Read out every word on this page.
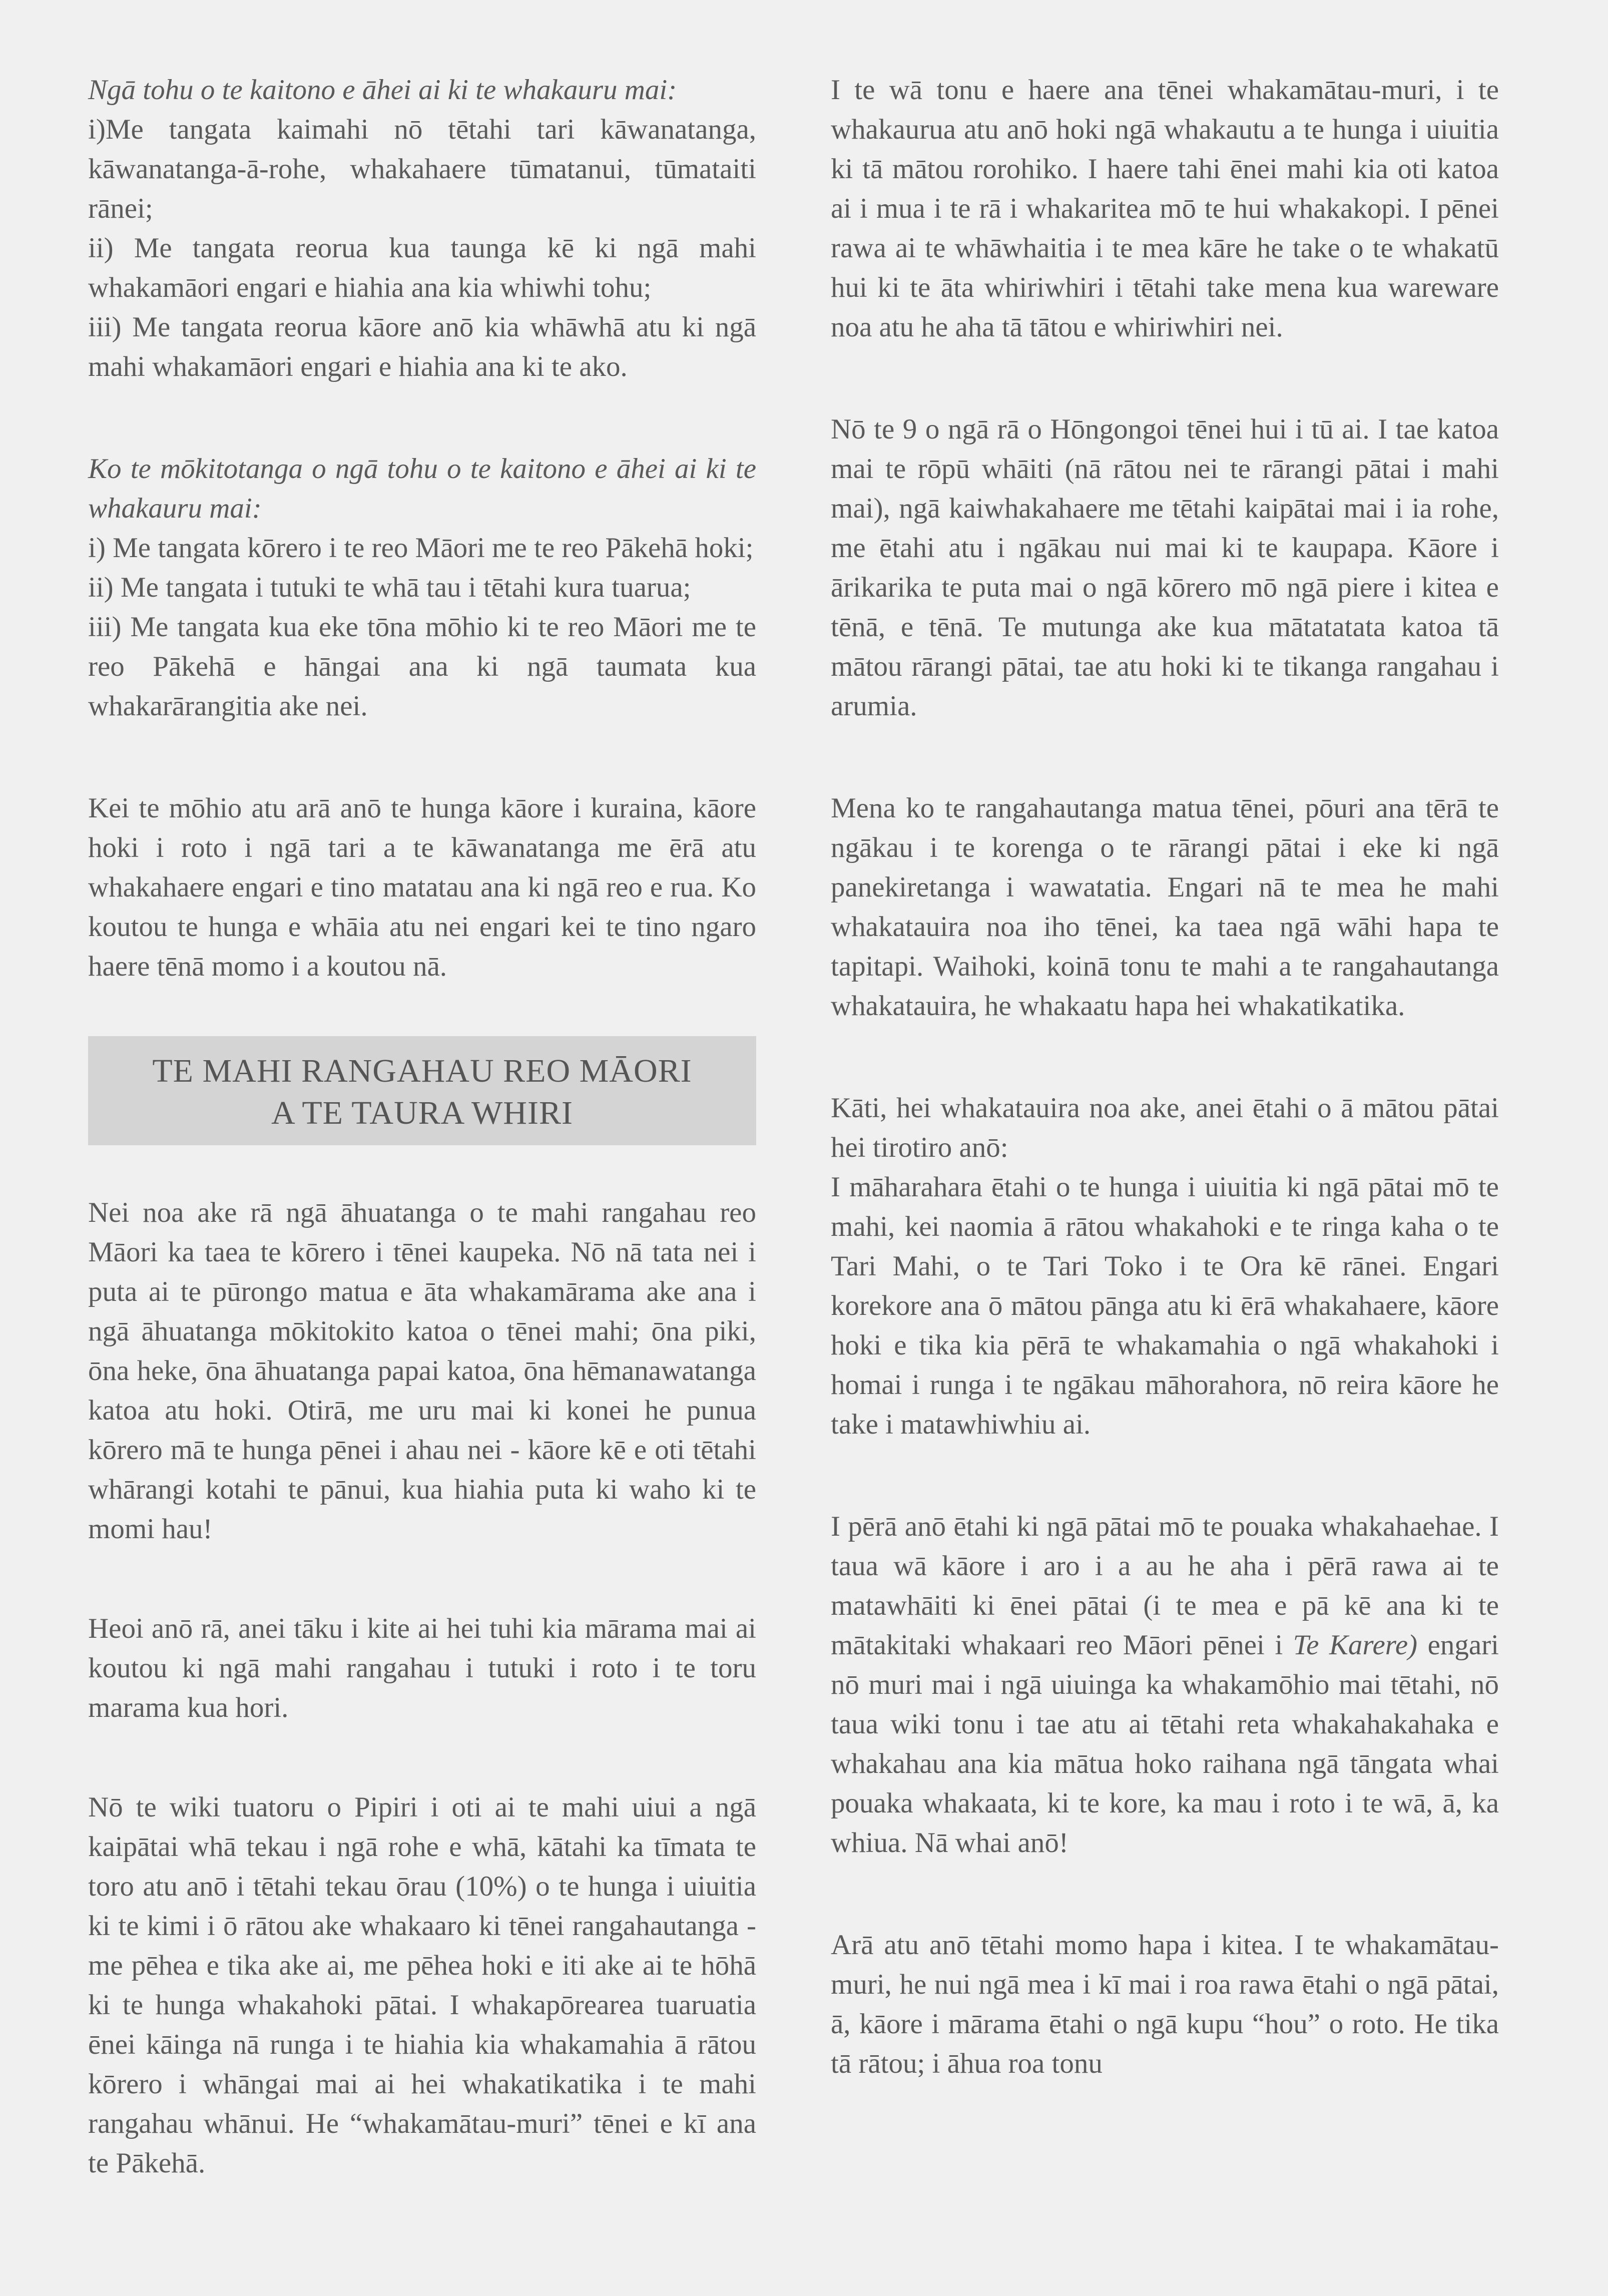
Ngā tohu o te kaitono e āhei ai ki te whakauru mai:

i)Me tangata kaimahi nō tētahi tari kāwanatanga, kāwanatanga-ā-rohe, whakahaere tūmatanui, tūmataiti rānei;

ii) Me tangata reorua kua taunga kē ki ngā mahi whakamāori engari e hiahia ana kia whiwhi tohu;

iii) Me tangata reorua kāore anō kia whāwhā atu ki ngā mahi whakamāori engari e hiahia ana ki te ako.

Ko te mōkitotanga o ngā tohu o te kaitono e āhei ai ki te whakauru mai:

i) Me tangata kōrero i te reo Māori me te reo Pākehā hoki;

ii) Me tangata i tutuki te whā tau i tētahi kura tuarua;

iii) Me tangata kua eke tōna mōhio ki te reo Māori me te reo Pākehā e hāngai ana ki ngā taumata kua whakarārangitia ake nei.

Kei te mōhio atu arā anō te hunga kāore i kuraina, kāore hoki i roto i ngā tari a te kāwanatanga me ērā atu whakahaere engari e tino matatau ana ki ngā reo e rua. Ko koutou te hunga e whāia atu nei engari kei te tino ngaro haere tēnā momo i a koutou nā.

TE MAHI RANGAHAU REO MĀORI
A TE TAURA WHIRI

Nei noa ake rā ngā āhuatanga o te mahi rangahau reo Māori ka taea te kōrero i tēnei kaupeka. Nō nā tata nei i puta ai te pūrongo matua e āta whakamārama ake ana i ngā āhuatanga mōkitokito katoa o tēnei mahi; ōna piki, ōna heke, ōna āhuatanga papai katoa, ōna hēmanawatanga katoa atu hoki. Otirā, me uru mai ki konei he punua kōrero mā te hunga pēnei i ahau nei - kāore kē e oti tētahi whārangi kotahi te pānui, kua hiahia puta ki waho ki te momi hau!

Heoi anō rā, anei tāku i kite ai hei tuhi kia mārama mai ai koutou ki ngā mahi rangahau i tutuki i roto i te toru marama kua hori.

Nō te wiki tuatoru o Pipiri i oti ai te mahi uiui a ngā kaipātai whā tekau i ngā rohe e whā, kātahi ka tīmata te toro atu anō i tētahi tekau ōrau (10%) o te hunga i uiuitia ki te kimi i ō rātou ake whakaaro ki tēnei rangahautanga - me pēhea e tika ake ai, me pēhea hoki e iti ake ai te hōhā ki te hunga whakahoki pātai. I whakapōrearea tuaruatia ēnei kāinga nā runga i te hiahia kia whakamahia ā rātou kōrero i whāngai mai ai hei whakatikatika i te mahi rangahau whānui. He “whakamātau-muri” tēnei e kī ana te Pākehā.

I te wā tonu e haere ana tēnei whakamātau-muri, i te whakaurua atu anō hoki ngā whakautu a te hunga i uiuitia ki tā mātou rorohiko. I haere tahi ēnei mahi kia oti katoa ai i mua i te rā i whakaritea mō te hui whakakopi. I pēnei rawa ai te whāwhaitia i te mea kāre he take o te whakatū hui ki te āta whiriwhiri i tētahi take mena kua wareware noa atu he aha tā tātou e whiriwhiri nei.

Nō te 9 o ngā rā o Hōngongoi tēnei hui i tū ai. I tae katoa mai te rōpū whāiti (nā rātou nei te rārangi pātai i mahi mai), ngā kaiwhakahaere me tētahi kaipātai mai i ia rohe, me ētahi atu i ngākau nui mai ki te kaupapa. Kāore i ārikarika te puta mai o ngā kōrero mō ngā piere i kitea e tēnā, e tēnā. Te mutunga ake kua mātatatata katoa tā mātou rārangi pātai, tae atu hoki ki te tikanga rangahau i arumia.

Mena ko te rangahautanga matua tēnei, pōuri ana tērā te ngākau i te korenga o te rārangi pātai i eke ki ngā panekiretanga i wawatatia. Engari nā te mea he mahi whakatauira noa iho tēnei, ka taea ngā wāhi hapa te tapitapi. Waihoki, koinā tonu te mahi a te rangahautanga whakatauira, he whakaatu hapa hei whakatikatika.

Kāti, hei whakatauira noa ake, anei ētahi o ā mātou pātai hei tirotiro anō:

I māharahara ētahi o te hunga i uiuitia ki ngā pātai mō te mahi, kei naomia ā rātou whakahoki e te ringa kaha o te Tari Mahi, o te Tari Toko i te Ora kē rānei. Engari korekore ana ō mātou pānga atu ki ērā whakahaere, kāore hoki e tika kia pērā te whakamahia o ngā whakahoki i homai i runga i te ngākau māhorahora, nō reira kāore he take i matawhiwhiu ai.

I pērā anō ētahi ki ngā pātai mō te pouaka whakahaehae. I taua wā kāore i aro i a au he aha i pērā rawa ai te matawhāiti ki ēnei pātai (i te mea e pā kē ana ki te mātakitaki whakaari reo Māori pēnei i Te Karere) engari nō muri mai i ngā uiuinga ka whakamōhio mai tētahi, nō taua wiki tonu i tae atu ai tētahi reta whakahakahaka e whakahau ana kia mātua hoko raihana ngā tāngata whai pouaka whakaata, ki te kore, ka mau i roto i te wā, ā, ka whiua. Nā whai anō!

Arā atu anō tētahi momo hapa i kitea. I te whakamātau-muri, he nui ngā mea i kī mai i roa rawa ētahi o ngā pātai, ā, kāore i mārama ētahi o ngā kupu “hou” o roto. He tika tā rātou; i āhua roa tonu
